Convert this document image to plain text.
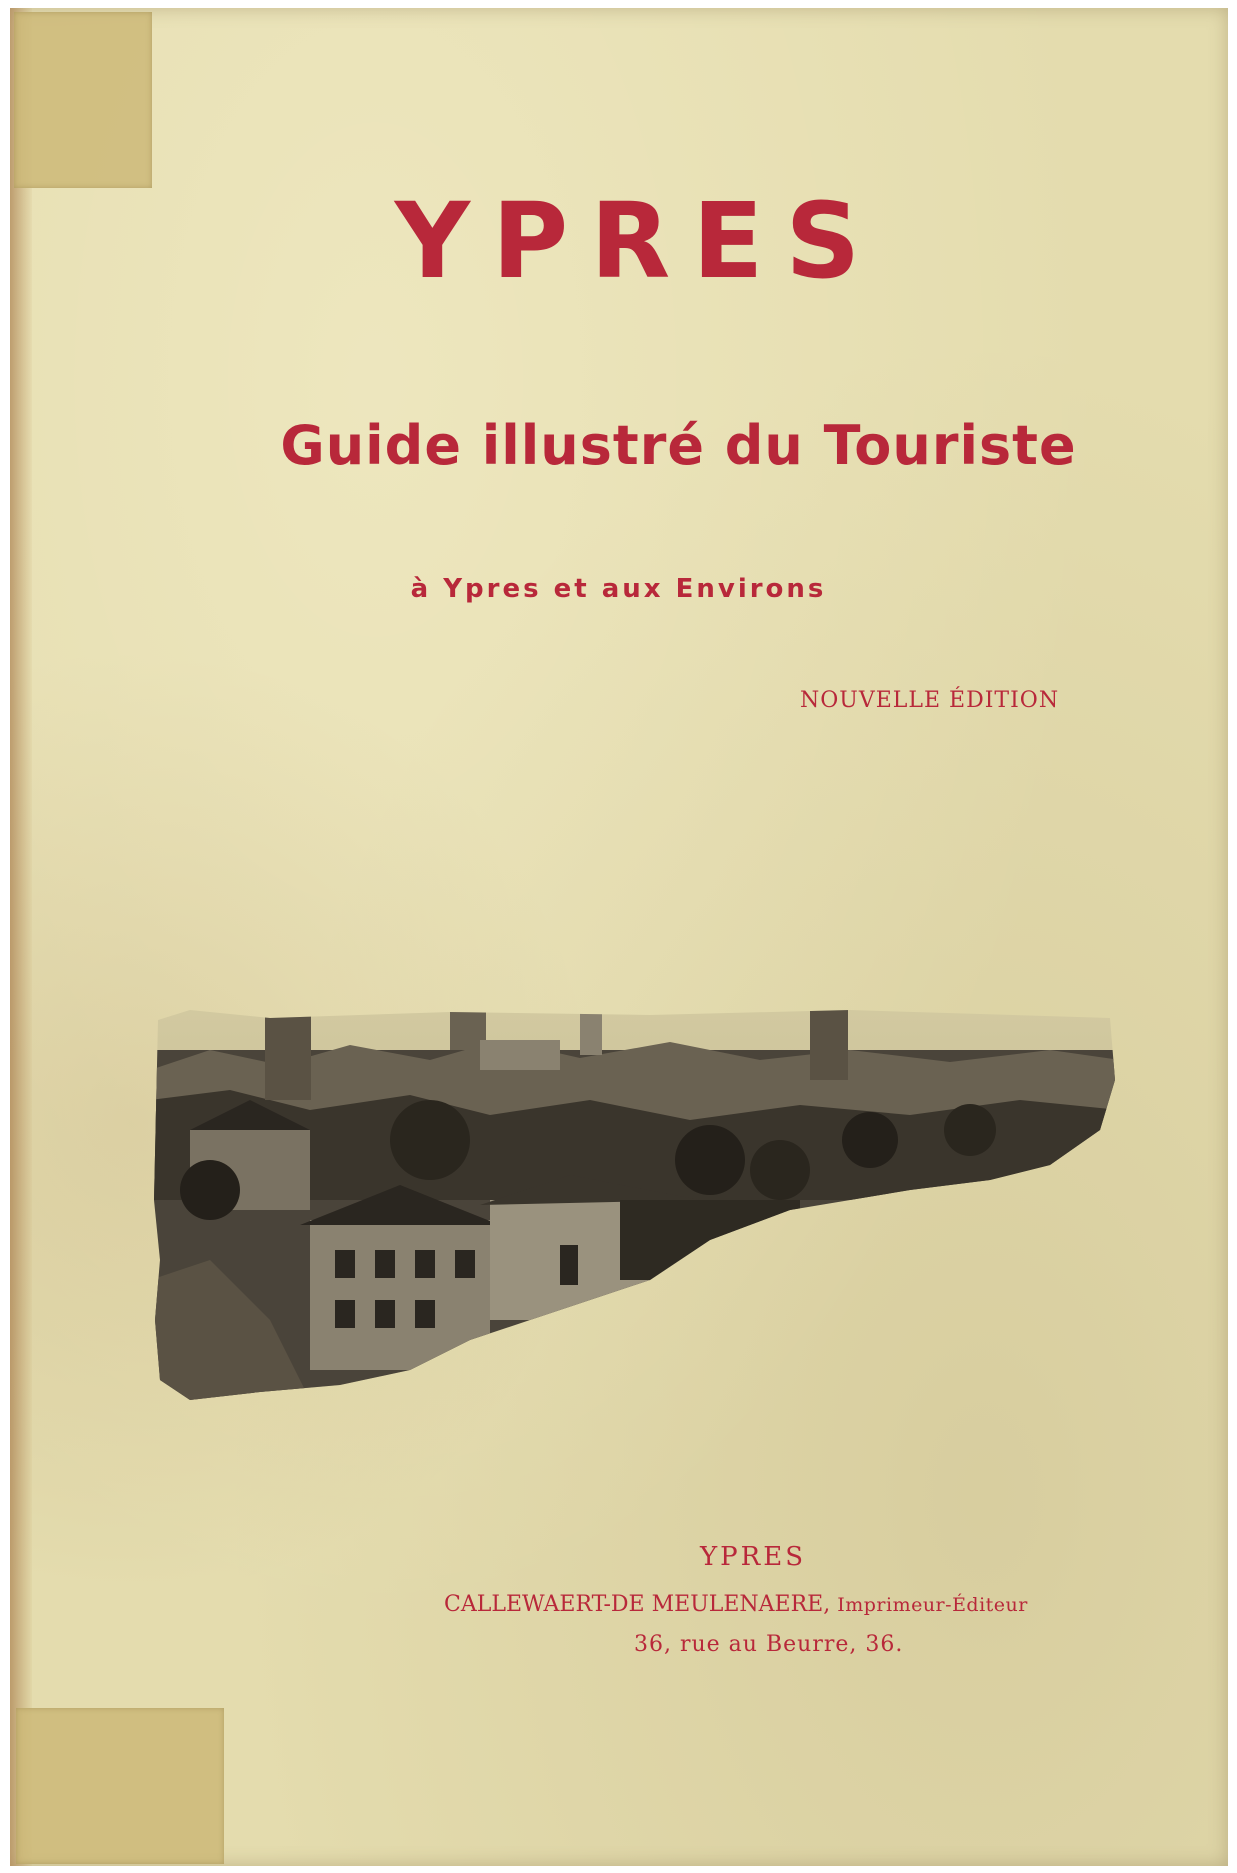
YPRES
Guide illustré du Touriste
à Ypres et aux Environs
NOUVELLE ÉDITION
YPRES
CALLEWAERT-DE MEULENAERE, Imprimeur-Éditeur
36, rue au Beurre, 36.
